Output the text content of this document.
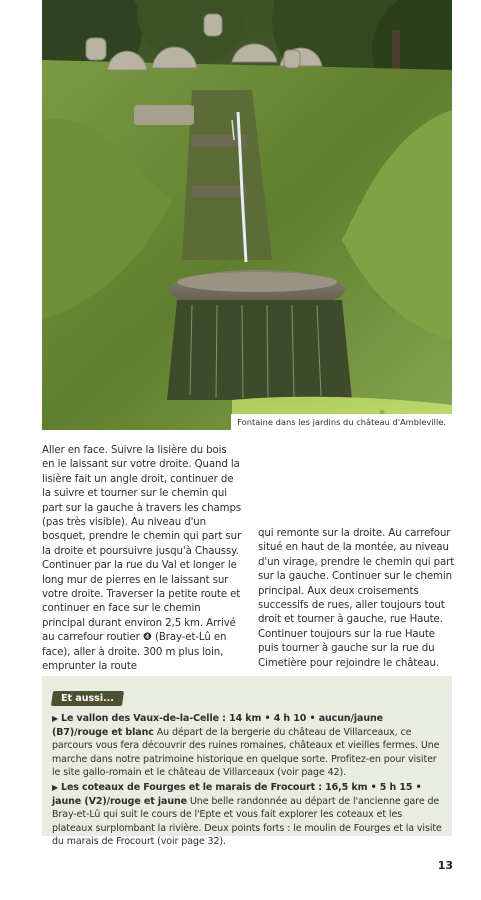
Fontaine dans les jardins du château d'Ambleville.

Aller en face. Suivre la lisière du bois en le laissant sur votre droite. Quand la lisière fait un angle droit, continuer de la suivre et tourner sur le chemin qui part sur la gauche à travers les champs (pas très visible). Au niveau d'un bosquet, prendre le chemin qui part sur la droite et poursuivre jusqu'à Chaussy. Continuer par la rue du Val et longer le long mur de pierres en le laissant sur votre droite. Traverser la petite route et continuer en face sur le chemin principal durant environ 2,5 km. Arrivé au carrefour routier ❹ (Bray-et-Lû en face), aller à droite. 300 m plus loin, emprunter la route

qui remonte sur la droite. Au carrefour situé en haut de la montée, au niveau d'un virage, prendre le chemin qui part sur la gauche. Continuer sur le chemin principal. Aux deux croisements successifs de rues, aller toujours tout droit et tourner à gauche, rue Haute. Continuer toujours sur la rue Haute puis tourner à gauche sur la rue du Cimetière pour rejoindre le château.

Et aussi...

▶ Le vallon des Vaux-de-la-Celle : 14 km • 4 h 10 • aucun/jaune (B7)/rouge et blanc Au départ de la bergerie du château de Villarceaux, ce parcours vous fera découvrir des ruines romaines, châteaux et vieilles fermes. Une marche dans notre patrimoine historique en quelque sorte. Profitez-en pour visiter le site gallo-romain et le château de Villarceaux (voir page 42).

▶ Les coteaux de Fourges et le marais de Frocourt : 16,5 km • 5 h 15 • jaune (V2)/rouge et jaune Une belle randonnée au départ de l'ancienne gare de Bray-et-Lû qui suit le cours de l'Epte et vous fait explorer les coteaux et les plateaux surplombant la rivière. Deux points forts : le moulin de Fourges et la visite du marais de Frocourt (voir page 32).

13
